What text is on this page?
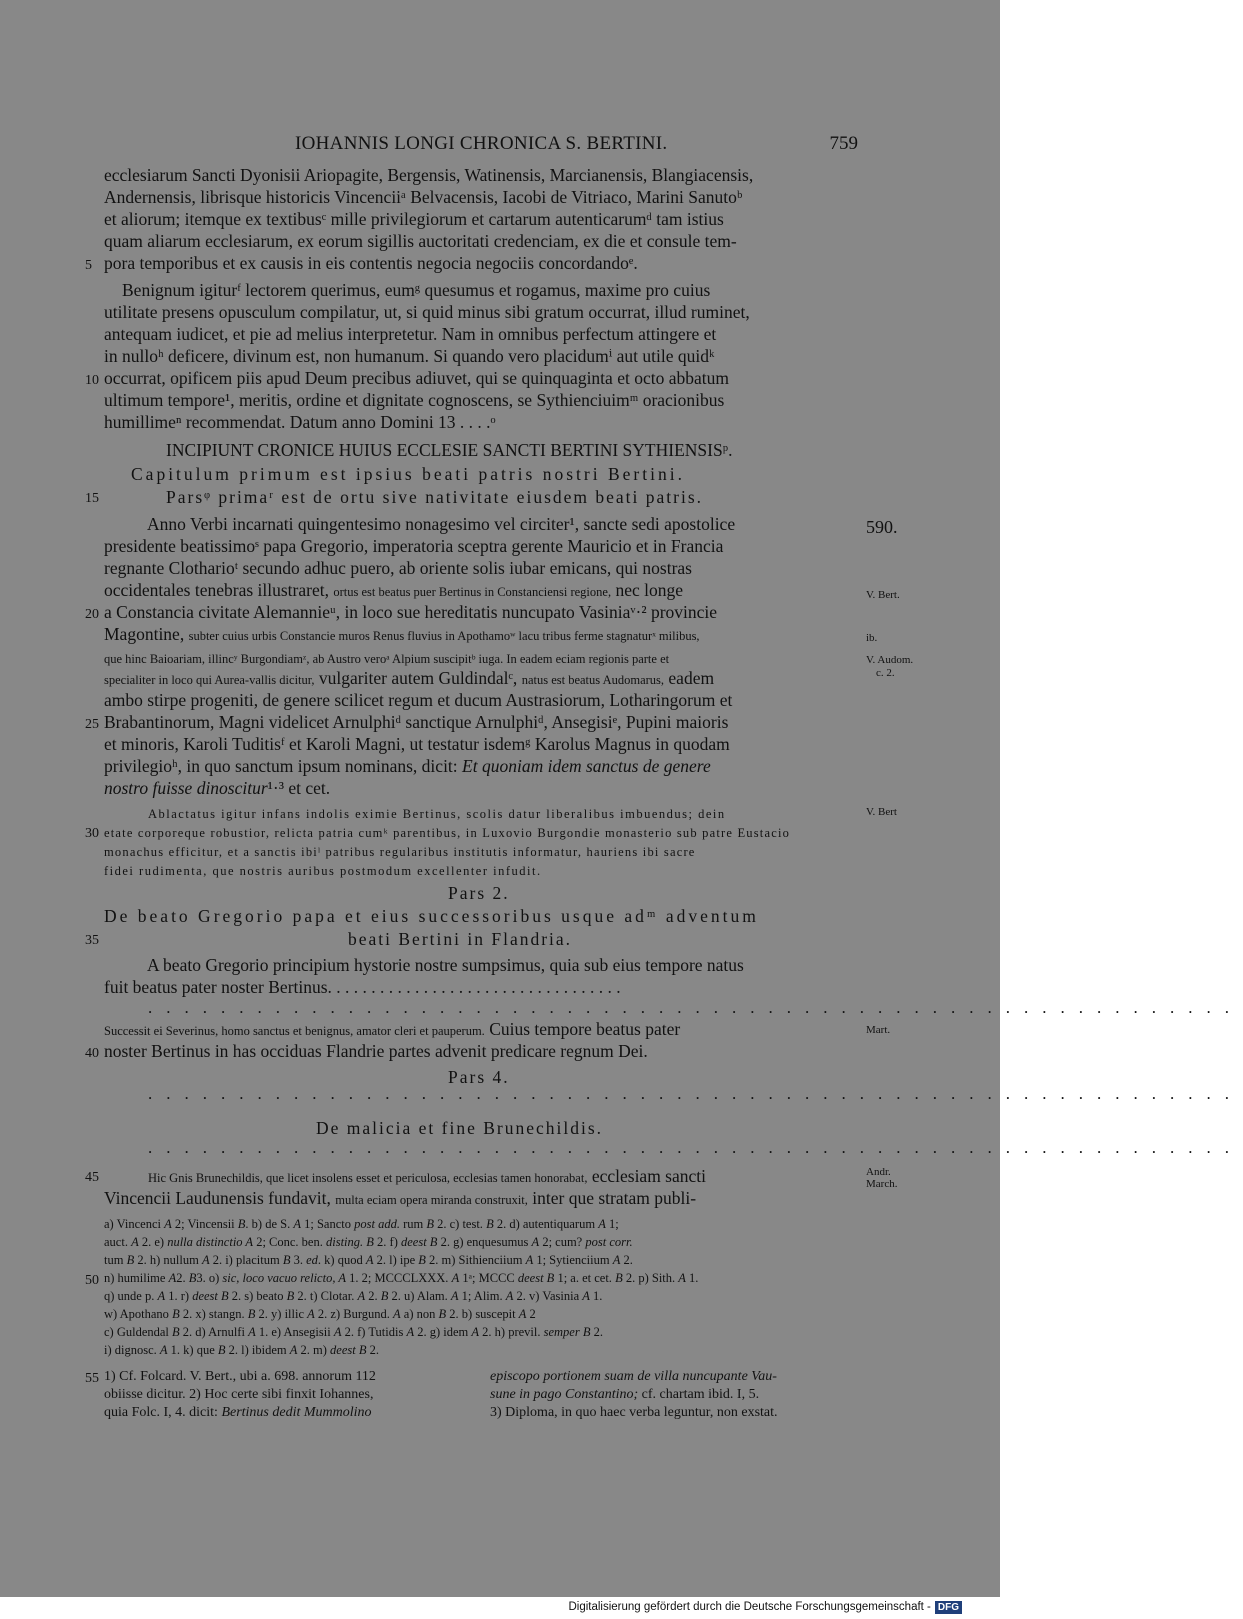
IOHANNIS LONGI CHRONICA S. BERTINI.	759
ecclesiarum Sancti Dyonisii Ariopagite, Bergensis, Watinensis, Marcianensis, Blangiacensis,
Andernensis, librisque historicis Vincenciiᵃ Belvacensis, Iacobi de Vitriaco, Marini Sanutoᵇ
et aliorum; itemque ex textibusᶜ mille privilegiorum et cartarum autenticarumᵈ tam istius
quam aliarum ecclesiarum, ex eorum sigillis auctoritati credenciam, ex die et consule tem-
pora temporibus et ex causis in eis contentis negocia negociis concordandoᵉ.
Benignum igiturᶠ lectorem querimus, eumᵍ quesumus et rogamus, maxime pro cuius
utilitate presens opusculum compilatur, ut, si quid minus sibi gratum occurrat, illud ruminet,
antequam iudicet, et pie ad melius interpretetur. Nam in omnibus perfectum attingere et
in nulloʰ deficere, divinum est, non humanum. Si quando vero placidumⁱ aut utile quidᵏ
occurrat, opificem piis apud Deum precibus adiuvet, qui se quinquaginta et octo abbatum
ultimum tempore¹, meritis, ordine et dignitate cognoscens, se Sythienciuimᵐ oracionibus
humillimeⁿ recommendat. Datum anno Domini 13 . . . .ᵒ
INCIPIUNT CRONICE HUIUS ECCLESIE SANCTI BERTINI SYTHIENSISᵖ.
Capitulum primum est ipsius beati patris nostri Bertini.
Parsᵠ primaʳ est de ortu sive nativitate eiusdem beati patris.
Anno Verbi incarnati quingentesimo nonagesimo vel circiter¹, sancte sedi apostolice
presidente beatissimoˢ papa Gregorio, imperatoria sceptra gerente Mauricio et in Francia
regnante Clotharioᵗ secundo adhuc puero, ab oriente solis iubar emicans, qui nostras
occidentales tenebras illustraret, ortus est beatus puer Bertinus in Constanciensi regione, nec longe
a Constancia civitate Alemannieᵘ, in loco sue hereditatis nuncupato Vasiniaᵛ·² provincie
Magontine, subter cuius urbis Constancie muros Renus fluvius in Apothamoʷ lacu tribus ferme stagnaturˣ milibus,
que hinc Baioariam, illincʸ Burgondiamᶻ, ab Austro veroᵃ Alpium suscipitᵇ iuga. In eadem eciam regionis parte et
specialiter in loco qui Aurea-vallis dicitur, vulgariter autem Guldindalᶜ, natus est beatus Audomarus, eadem
ambo stirpe progeniti, de genere scilicet regum et ducum Austrasiorum, Lotharingorum et
Brabantinorum, Magni videlicet Arnulphiᵈ sanctique Arnulphiᵈ, Ansegisiᵉ, Pupini maioris
et minoris, Karoli Tuditisᶠ et Karoli Magni, ut testatur isdemᵍ Karolus Magnus in quodam
privilegioʰ, in quo sanctum ipsum nominans, dicit: Et quoniam idem sanctus de genere
nostro fuisse dinoscitur¹·³ et cet.
Ablactatus igitur infans indolis eximie Bertinus, scolis datur liberalibus imbuendus; dein
etate corporeque robustior, relicta patria cumᵏ parentibus, in Luxovio Burgondie monasterio sub patre Eustacio
monachus efficitur, et a sanctis ibiˡ patribus regularibus institutis informatur, hauriens ibi sacre
fidei rudimenta, que nostris auribus postmodum excellenter infudit.
Pars 2.
De beato Gregorio papa et eius successoribus usque adᵐ adventum
beati Bertini in Flandria.
A beato Gregorio principium hystorie nostre sumpsimus, quia sub eius tempore natus
fuit beatus pater noster Bertinus. . . . . . . . . . . . . . . . . . . . . . . . . . . . . . . . . .
Successit ei Severinus, homo sanctus et benignus, amator cleri et pauperum. Cuius tempore beatus pater
noster Bertinus in has occiduas Flandrie partes advenit predicare regnum Dei.
Pars 4.
De malicia et fine Brunechildis.
Hic Gnis Brunechildis, que licet insolens esset et periculosa, ecclesias tamen honorabat, ecclesiam sancti
Vincencii Laudunensis fundavit, multa eciam opera miranda construxit, inter que stratam publi-
a) Vincenci A 2; Vincensii B. b) de S. A 1; Sancto post add. rum B 2. c) test. B 2. d) autentiquarum A 1;
auct. A 2. e) nulla distinctio A 2; Conc. ben. disting. B 2. f) deest B 2. g) enquesumus A 2; cum? post corr.
tum B 2. h) nullum A 2. i) placitum B 3. ed. k) quod A 2. l) ipe B 2. m) Sithienciium A 1; Sytienciium A 2.
n) humilime A2. B3. o) sic, loco vacuo relicto, A 1. 2; MCCCLXXX. A 1ᵃ; MCCC deest B 1; a. et cet. B 2. p) Sith. A 1.
q) unde p. A 1. r) deest B 2. s) beato B 2. t) Clotar. A 2. B 2. u) Alam. A 1; Alim. A 2. v) Vasinia A 1.
w) Apothano B 2. x) stangn. B 2. y) illic A 2. z) Burgund. A a) non B 2. b) suscepit A 2
c) Guldendal B 2. d) Arnulfi A 1. e) Ansegisii A 2. f) Tutidis A 2. g) idem A 2. h) previl. semper B 2.
i) dignosc. A 1. k) que B 2. l) ibidem A 2. m) deest B 2.
1) Cf. Folcard. V. Bert., ubi a. 698. annorum 112
obiisse dicitur. 2) Hoc certe sibi finxit Iohannes,
quia Folc. I, 4. dicit: Bertinus dedit Mummolino
episcopo portionem suam de villa nuncupante Vau-
sune in pago Constantino; cf. chartam ibid. I, 5.
3) Diploma, in quo haec verba leguntur, non exstat.
5
10
15
20
25
30
35
40
45
50
55
590.
V. Bert.
ib.
V. Audom.
c. 2.
V. Bert
Mart.
Andr.
March.
............................................................
............................................................
............................................................
Digitalisierung gefördert durch die Deutsche Forschungsgemeinschaft - DFG
